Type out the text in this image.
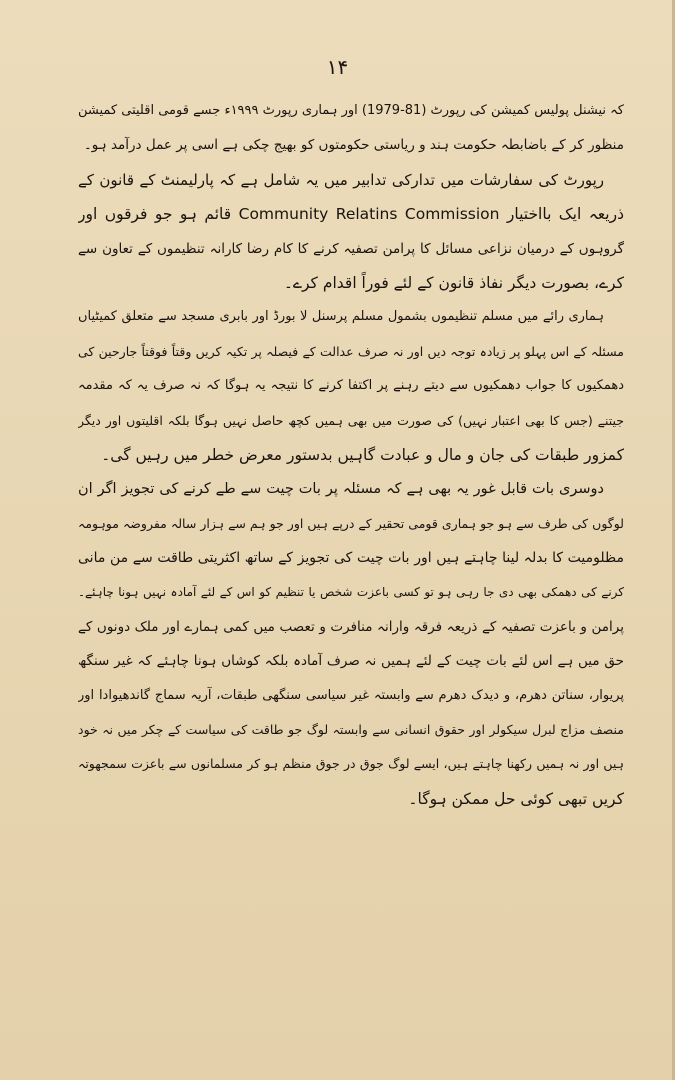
۱۴
کہ نیشنل پولیس کمیشن کی رپورٹ (81-1979) اور ہماری رپورٹ ۱۹۹۹ء جسے قومی اقلیتی کمیشن
منظور کر کے باضابطہ حکومت ہند و ریاستی حکومتوں کو بھیج چکی ہے اسی پر عمل درآمد ہو۔
رپورٹ کی سفارشات میں تدارکی تدابیر میں یہ شامل ہے کہ پارلیمنٹ کے قانون کے
ذریعہ ایک بااختیار Community Relatins Commission قائم ہو جو فرقوں اور
گروہوں کے درمیان نزاعی مسائل کا پرامن تصفیہ کرنے کا کام رضا کارانہ تنظیموں کے تعاون سے
کرے، بصورت دیگر نفاذ قانون کے لئے فوراً اقدام کرے۔
ہماری رائے میں مسلم تنظیموں بشمول مسلم پرسنل لا بورڈ اور بابری مسجد سے متعلق کمیٹیاں
مسئلہ کے اس پہلو پر زیادہ توجہ دیں اور نہ صرف عدالت کے فیصلہ پر تکیہ کریں وقتاً فوقتاً جارحین کی
دھمکیوں کا جواب دھمکیوں سے دیتے رہنے پر اکتفا کرنے کا نتیجہ یہ ہوگا کہ نہ صرف یہ کہ مقدمہ
جیتنے (جس کا بھی اعتبار نہیں) کی صورت میں بھی ہمیں کچھ حاصل نہیں ہوگا بلکہ اقلیتوں اور دیگر
کمزور طبقات کی جان و مال و عبادت گاہیں بدستور معرض خطر میں رہیں گی۔
دوسری بات قابل غور یہ بھی ہے کہ مسئلہ پر بات چیت سے طے کرنے کی تجویز اگر ان
لوگوں کی طرف سے ہو جو ہماری قومی تحقیر کے درپے ہیں اور جو ہم سے ہزار سالہ مفروضہ موہومہ
مظلومیت کا بدلہ لینا چاہتے ہیں اور بات چیت کی تجویز کے ساتھ اکثریتی طاقت سے من مانی
کرنے کی دھمکی بھی دی جا رہی ہو تو کسی باعزت شخص یا تنظیم کو اس کے لئے آمادہ نہیں ہونا چاہئے۔
پرامن و باعزت تصفیہ کے ذریعہ فرقہ وارانہ منافرت و تعصب میں کمی ہمارے اور ملک دونوں کے
حق میں ہے اس لئے بات چیت کے لئے ہمیں نہ صرف آمادہ بلکہ کوشاں ہونا چاہئے کہ غیر سنگھ
پریوار، سناتن دھرم، و دیدک دھرم سے وابستہ غیر سیاسی سنگھی طبقات، آریہ سماج گاندھیوادا اور
منصف مزاج لبرل سیکولر اور حقوق انسانی سے وابستہ لوگ جو طاقت کی سیاست کے چکر میں نہ خود
ہیں اور نہ ہمیں رکھنا چاہتے ہیں، ایسے لوگ جوق در جوق منظم ہو کر مسلمانوں سے باعزت سمجھوتہ
کریں تبھی کوئی حل ممکن ہوگا۔
